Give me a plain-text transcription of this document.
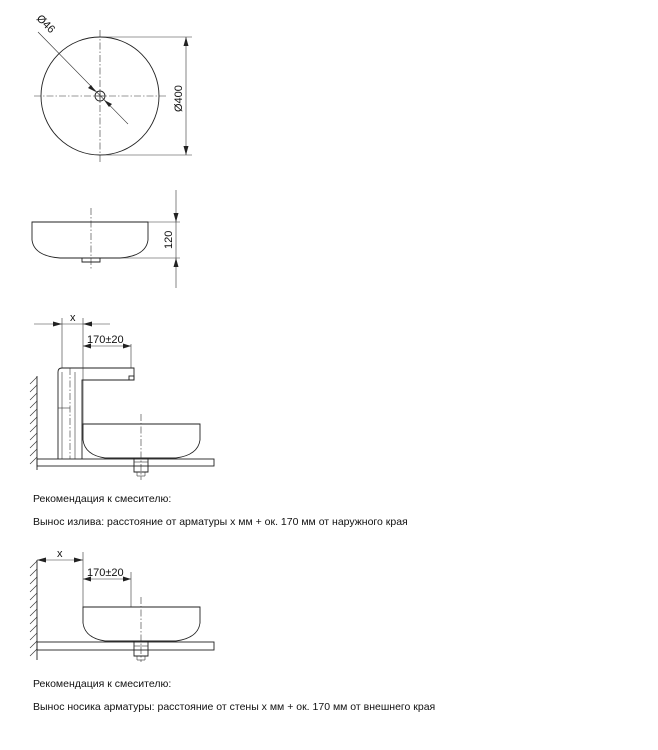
Ø46
Ø400
120
x
170±20
x
170±20
Рекомендация к смесителю:
Вынос излива: расстояние от арматуры x мм + ок. 170 мм от наружного края
Рекомендация к смесителю:
Вынос носика арматуры: расстояние от стены x мм + ок. 170 мм от внешнего края
